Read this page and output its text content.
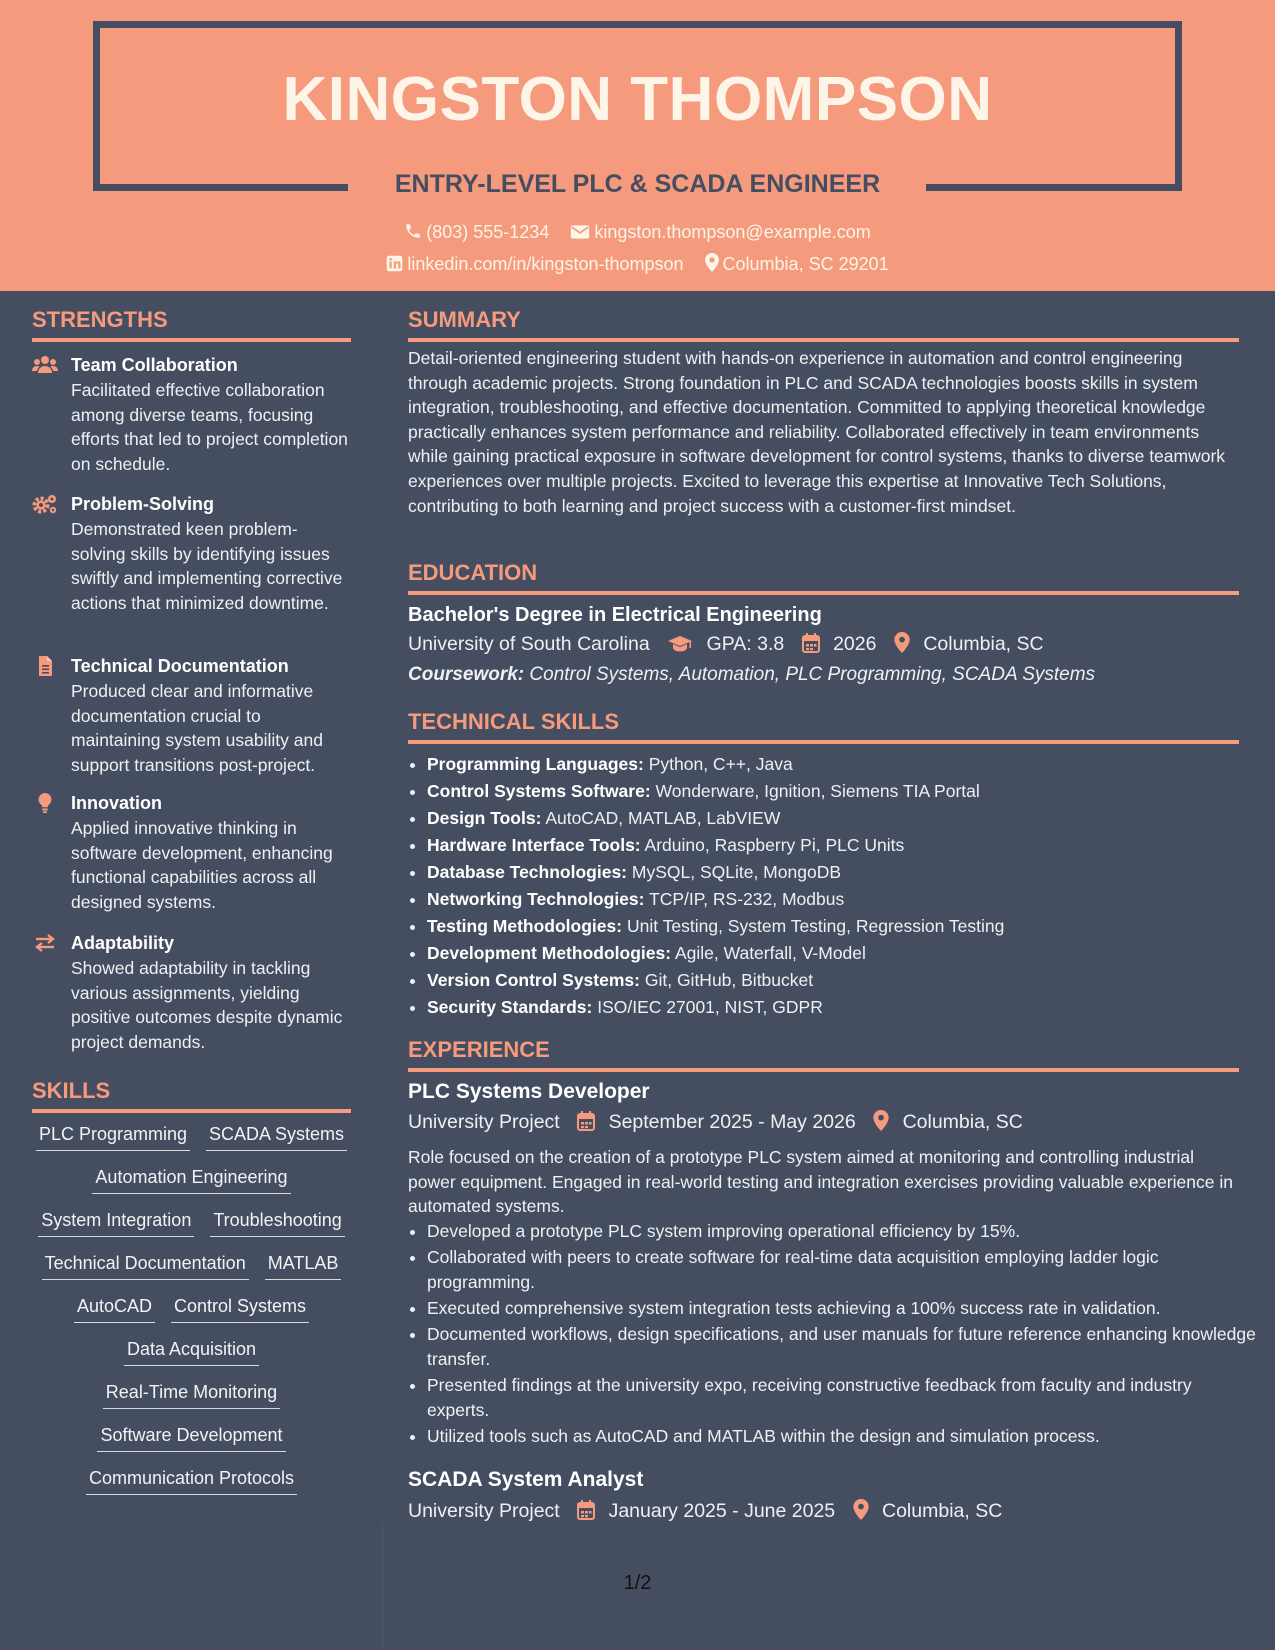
KINGSTON THOMPSON
ENTRY-LEVEL PLC & SCADA ENGINEER
(803) 555-1234	kingston.thompson@example.com
linkedin.com/in/kingston-thompson Columbia, SC 29201
STRENGTHS
Team Collaboration
Facilitated effective collaboration among diverse teams, focusing efforts that led to project completion on schedule.
Problem-Solving
Demonstrated keen problem-solving skills by identifying issues swiftly and implementing corrective actions that minimized downtime.
Technical Documentation
Produced clear and informative documentation crucial to maintaining system usability and support transitions post-project.
Innovation
Applied innovative thinking in software development, enhancing functional capabilities across all designed systems.
Adaptability
Showed adaptability in tackling various assignments, yielding positive outcomes despite dynamic project demands.
SKILLS
PLC Programming SCADA Systems
Automation Engineering
System Integration Troubleshooting
Technical Documentation MATLAB
AutoCAD Control Systems
Data Acquisition
Real-Time Monitoring
Software Development
Communication Protocols
SUMMARY
Detail-oriented engineering student with hands-on experience in automation and control engineering through academic projects. Strong foundation in PLC and SCADA technologies boosts skills in system integration, troubleshooting, and effective documentation. Committed to applying theoretical knowledge practically enhances system performance and reliability. Collaborated effectively in team environments while gaining practical exposure in software development for control systems, thanks to diverse teamwork experiences over multiple projects. Excited to leverage this expertise at Innovative Tech Solutions, contributing to both learning and project success with a customer-first mindset.
EDUCATION
Bachelor's Degree in Electrical Engineering
University of South Carolina	GPA: 3.8	2026 Columbia, SC
Coursework: Control Systems, Automation, PLC Programming, SCADA Systems
TECHNICAL SKILLS
• Programming Languages: Python, C++, Java
• Control Systems Software: Wonderware, Ignition, Siemens TIA Portal
• Design Tools: AutoCAD, MATLAB, LabVIEW
• Hardware Interface Tools: Arduino, Raspberry Pi, PLC Units
• Database Technologies: MySQL, SQLite, MongoDB
• Networking Technologies: TCP/IP, RS-232, Modbus
• Testing Methodologies: Unit Testing, System Testing, Regression Testing
• Development Methodologies: Agile, Waterfall, V-Model
• Version Control Systems: Git, GitHub, Bitbucket
• Security Standards: ISO/IEC 27001, NIST, GDPR
EXPERIENCE
PLC Systems Developer
University Project	September 2025 - May 2026 Columbia, SC
Role focused on the creation of a prototype PLC system aimed at monitoring and controlling industrial power equipment. Engaged in real-world testing and integration exercises providing valuable experience in automated systems.
• Developed a prototype PLC system improving operational efficiency by 15%.
• Collaborated with peers to create software for real-time data acquisition employing ladder logic programming.
• Executed comprehensive system integration tests achieving a 100% success rate in validation.
• Documented workflows, design specifications, and user manuals for future reference enhancing knowledge transfer.
• Presented findings at the university expo, receiving constructive feedback from faculty and industry experts.
• Utilized tools such as AutoCAD and MATLAB within the design and simulation process.
SCADA System Analyst
University Project	January 2025 - June 2025 Columbia, SC
1/2
